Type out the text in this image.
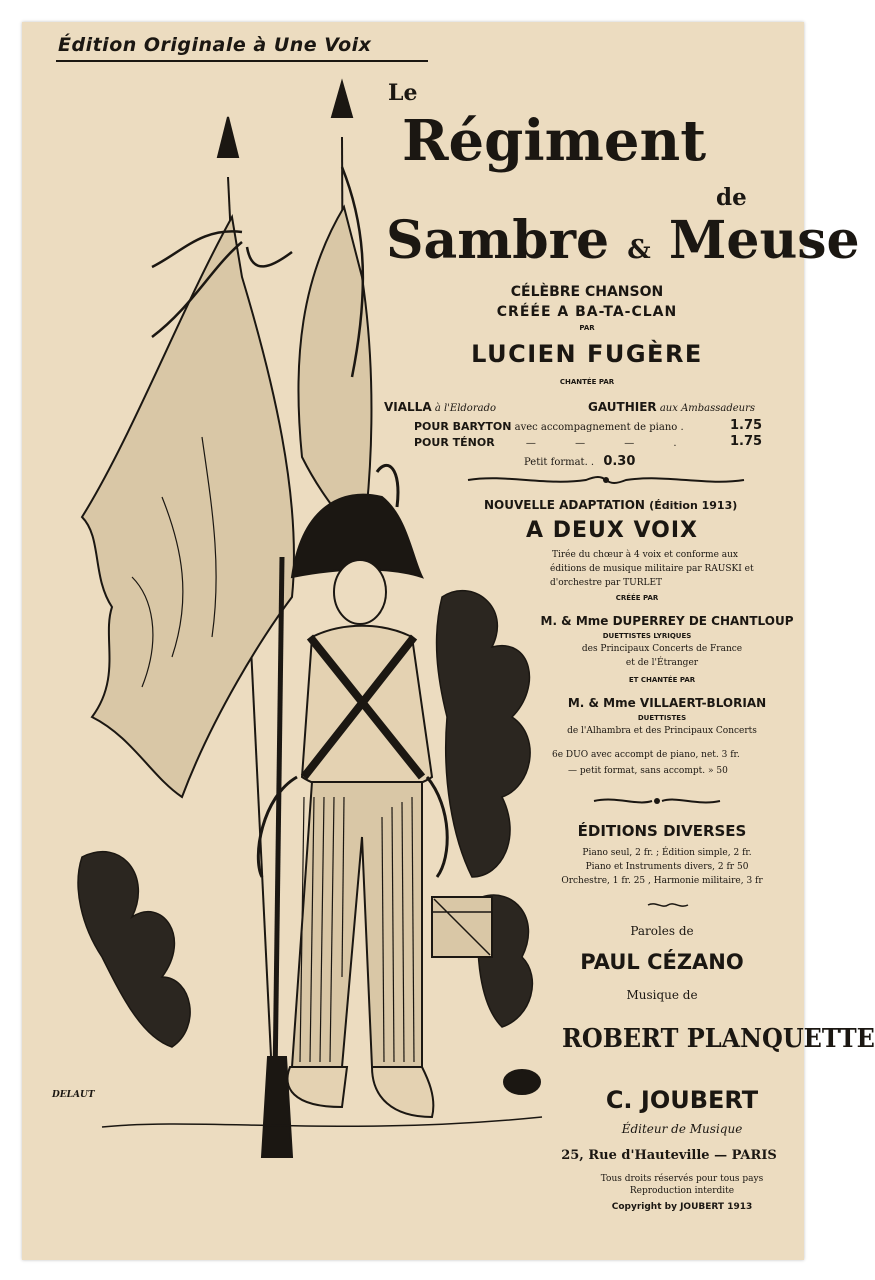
Édition Originale à Une Voix
Le
Régiment
de
Sambre & Meuse
CÉLÈBRE CHANSON
CRÉÉE A BA-TA-CLAN
PAR
LUCIEN FUGÈRE
CHANTÉE PAR
VIALLA à l'Eldorado	GAUTHIER aux Ambassadeurs
POUR BARYTON avec accompagnement de piano .	1.75
POUR TÉNOR	— — — .	1.75
Petit format. . 0.30
NOUVELLE ADAPTATION (Édition 1913)
A DEUX VOIX
Tirée du chœur à 4 voix et conforme aux
éditions de musique militaire par RAUSKI et
d'orchestre par TURLET
CRÉÉE PAR
M. & Mme DUPERREY DE CHANTLOUP
DUETTISTES LYRIQUES
des Principaux Concerts de France
et de l'Étranger
ET CHANTÉE PAR
M. & Mme VILLAERT-BLORIAN
DUETTISTES
de l'Alhambra et des Principaux Concerts
6e DUO avec accompt de piano, net. 3 fr.
— petit format, sans accompt. » 50
ÉDITIONS DIVERSES
Piano seul, 2 fr. ; Édition simple, 2 fr.
Piano et Instruments divers, 2 fr 50
Orchestre, 1 fr. 25 , Harmonie militaire, 3 fr
Paroles de
PAUL CÉZANO
Musique de
ROBERT PLANQUETTE
C. JOUBERT
Éditeur de Musique
25, Rue d'Hauteville — PARIS
Tous droits réservés pour tous pays
Reproduction interdite
Copyright by JOUBERT 1913
DELAUT
